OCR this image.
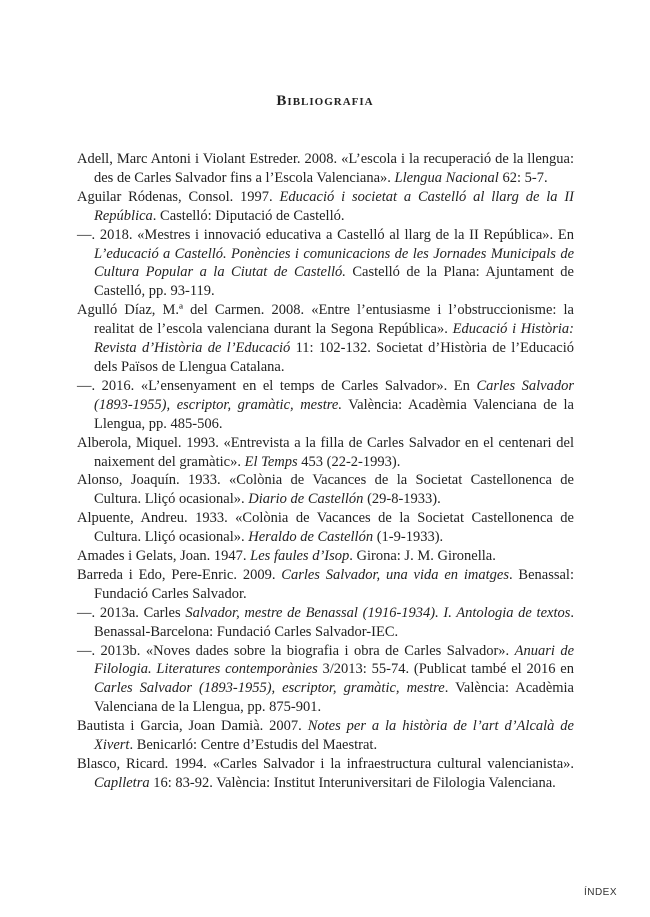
Bibliografia

Adell, Marc Antoni i Violant Estreder. 2008. «L’escola i la recuperació de la llengua: des de Carles Salvador fins a l’Escola Valenciana». Llengua Nacional 62: 5-7.

Aguilar Ródenas, Consol. 1997. Educació i societat a Castelló al llarg de la II República. Castelló: Diputació de Castelló.

—. 2018. «Mestres i innovació educativa a Castelló al llarg de la II República». En L’educació a Castelló. Ponències i comunicacions de les Jornades Municipals de Cultura Popular a la Ciutat de Castelló. Castelló de la Plana: Ajuntament de Castelló, pp. 93-119.

Agulló Díaz, M.ª del Carmen. 2008. «Entre l’entusiasme i l’obstruccionisme: la realitat de l’escola valenciana durant la Segona República». Educació i Història: Revista d’Història de l’Educació 11: 102-132. Societat d’Història de l’Educació dels Països de Llengua Catalana.

—. 2016. «L’ensenyament en el temps de Carles Salvador». En Carles Salvador (1893-1955), escriptor, gramàtic, mestre. València: Acadèmia Valenciana de la Llengua, pp. 485-506.

Alberola, Miquel. 1993. «Entrevista a la filla de Carles Salvador en el centenari del naixement del gramàtic». El Temps 453 (22-2-1993).

Alonso, Joaquín. 1933. «Colònia de Vacances de la Societat Castellonenca de Cultura. Lliçó ocasional». Diario de Castellón (29-8-1933).

Alpuente, Andreu. 1933. «Colònia de Vacances de la Societat Castellonenca de Cultura. Lliçó ocasional». Heraldo de Castellón (1-9-1933).

Amades i Gelats, Joan. 1947. Les faules d’Isop. Girona: J. M. Gironella.

Barreda i Edo, Pere-Enric. 2009. Carles Salvador, una vida en imatges. Benassal: Fundació Carles Salvador.

—. 2013a. Carles Salvador, mestre de Benassal (1916-1934). I. Antologia de textos. Benassal-Barcelona: Fundació Carles Salvador-IEC.

—. 2013b. «Noves dades sobre la biografia i obra de Carles Salvador». Anuari de Filologia. Literatures contemporànies 3/2013: 55-74. (Publicat també el 2016 en Carles Salvador (1893-1955), escriptor, gramàtic, mestre. València: Acadèmia Valenciana de la Llengua, pp. 875-901.

Bautista i Garcia, Joan Damià. 2007. Notes per a la història de l’art d’Alcalà de Xivert. Benicarló: Centre d’Estudis del Maestrat.

Blasco, Ricard. 1994. «Carles Salvador i la infraestructura cultural valencianista». Caplletra 16: 83-92. València: Institut Interuniversitari de Filologia Valenciana.

ÍNDEX
